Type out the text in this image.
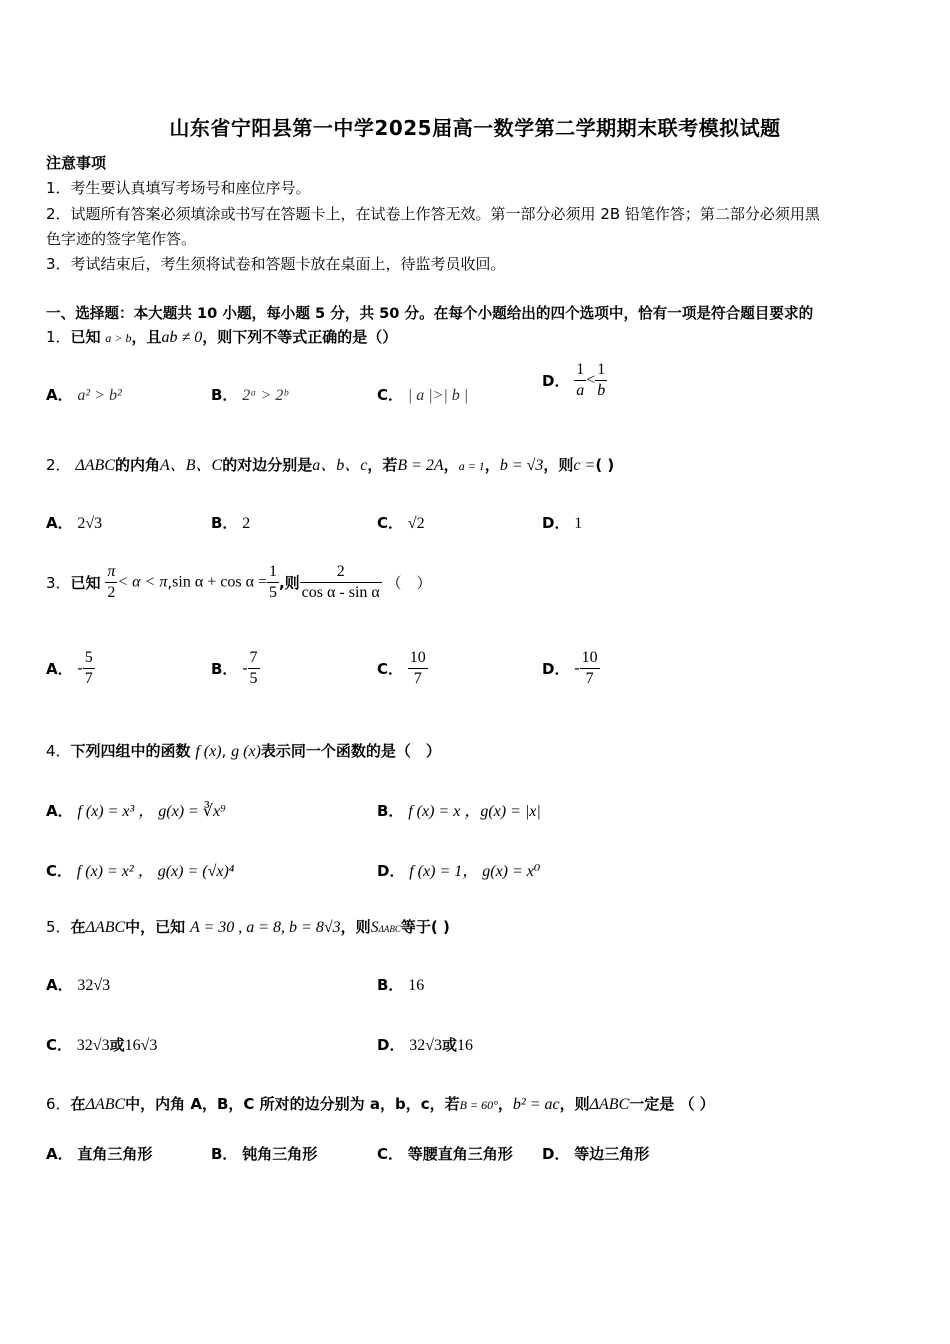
山东省宁阳县第一中学2025届高一数学第二学期期末联考模拟试题
注意事项
1．考生要认真填写考场号和座位序号。
2．试题所有答案必须填涂或书写在答题卡上，在试卷上作答无效。第一部分必须用 2B 铅笔作答；第二部分必须用黑
色字迹的签字笔作答。
3．考试结束后，考生须将试卷和答题卡放在桌面上，待监考员收回。
一、选择题：本大题共 10 小题，每小题 5 分，共 50 分。在每个小题给出的四个选项中，恰有一项是符合题目要求的
1．已知 a > b，且ab ≠ 0，则下列不等式正确的是（）
A． a² > b²	B． 2ᵃ > 2ᵇ	C． | a |>| b |
D． $\frac{1}{a} < \frac{1}{b}$
2． ΔABC的内角A、B、C的对边分别是a、b、c，若B = 2A，a = 1，b = √3，则c =( )
A． 2√3	B． 2	C． √2	D． 1
3．已知 $\frac{\pi}{2} < \alpha < \pi,\sin$ $\alpha + \cos \alpha = \frac{1}{5}$ ,则 $\frac{2}{\text{cos α - sin α}}$ （　）
A． - $\frac{5}{7}$	B． - $\frac{7}{5}$	C． $\frac{10}{7}$	D． - $\frac{10}{7}$
4．下列四组中的函数 f (x), g (x)表示同一个函数的是（　）
A． f (x) = x³ ， g(x) = ∛x⁹	B． f (x) = x ，g(x) = |x|
C． f (x) = x² ， g(x) = (√x)⁴	D． f (x) = 1， g(x) = x⁰
5．在ΔABC中，已知 A = 30 , a = 8, b = 8√3，则SΔABC等于( )
A． 32√3	B． 16
C． 32√3或16√3	D． 32√3或16
6．在ΔABC中，内角 A，B，C 所对的边分别为 a，b，c，若B = 60°，b² = ac，则ΔABC一定是 （ ）
A． 直角三角形	B． 钝角三角形	C． 等腰直角三角形 D． 等边三角形
